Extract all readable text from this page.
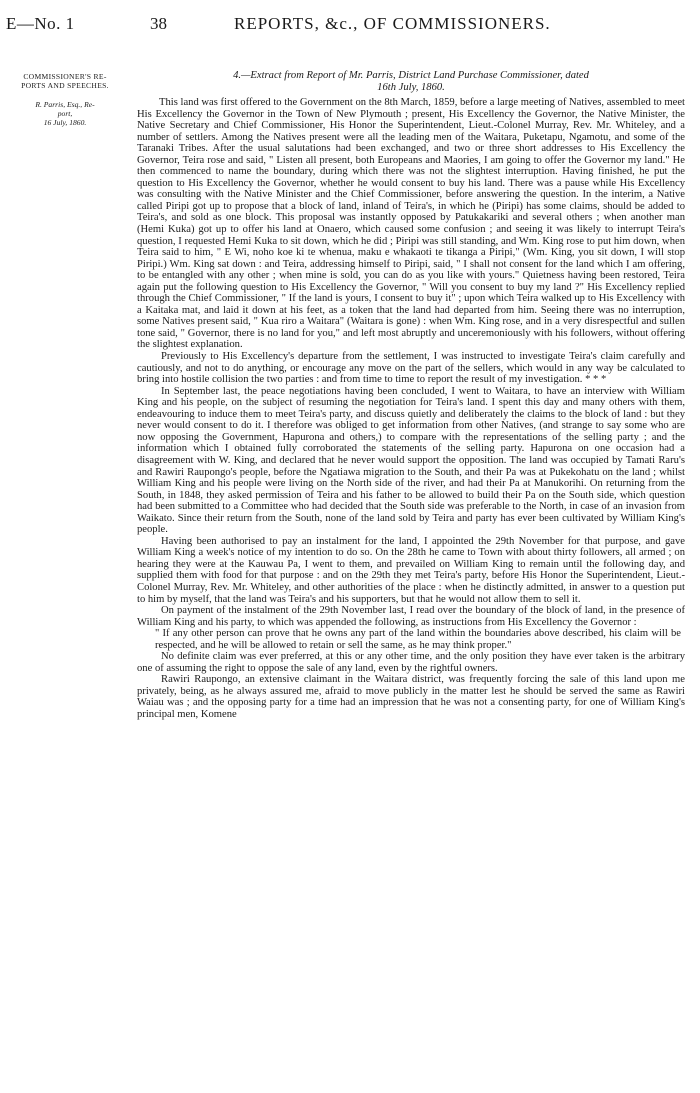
E—No. 1	38	REPORTS, &c., OF COMMISSIONERS.
COMMISSIONER'S RE-
PORTS AND SPEECHES.
R. Parris, Esq., Re-
port,
16 July, 1860.
4.—Extract from Report of Mr. Parris, District Land Purchase Commissioner, dated
16th July, 1860.

This land was first offered to the Government on the 8th March, 1859, before a large meeting of Natives, assembled to meet His Excellency the Governor in the Town of New Plymouth ; present, His Excellency the Governor, the Native Minister, the Native Secretary and Chief Commissioner, His Honor the Superintendent, Lieut.-Colonel Murray, Rev. Mr. Whiteley, and a number of settlers. Among the Natives present were all the leading men of the Waitara, Puketapu, Ngamotu, and some of the Taranaki Tribes. After the usual salutations had been exchanged, and two or three short addresses to His Excellency the Governor, Teira rose and said, " Listen all present, both Europeans and Maories, I am going to offer the Governor my land." He then commenced to name the boundary, during which there was not the slightest interruption. Having finished, he put the question to His Excellency the Governor, whether he would consent to buy his land. There was a pause while His Excellency was consulting with the Native Minister and the Chief Commissioner, before answering the question. In the interim, a Native called Piripi got up to propose that a block of land, inland of Teira's, in which he (Piripi) has some claims, should be added to Teira's, and sold as one block. This proposal was instantly opposed by Patukakariki and several others ; when another man (Hemi Kuka) got up to offer his land at Onaero, which caused some confusion ; and seeing it was likely to interrupt Teira's question, I requested Hemi Kuka to sit down, which he did ; Piripi was still standing, and Wm. King rose to put him down, when Teira said to him, " E Wi, noho koe ki te whenua, maku e whakaoti te tikanga a Piripi," (Wm. King, you sit down, I will stop Piripi.) Wm. King sat down : and Teira, addressing himself to Piripi, said, " I shall not consent for the land which I am offering, to be entangled with any other ; when mine is sold, you can do as you like with yours." Quietness having been restored, Teira again put the following question to His Excellency the Governor, " Will you consent to buy my land ?" His Excellency replied through the Chief Commissioner, " If the land is yours, I consent to buy it" ; upon which Teira walked up to His Excellency with a Kaitaka mat, and laid it down at his feet, as a token that the land had departed from him. Seeing there was no interruption, some Natives present said, " Kua riro a Waitara" (Waitara is gone) : when Wm. King rose, and in a very disrespectful and sullen tone said, " Governor, there is no land for you," and left most abruptly and unceremoniously with his followers, without offering the slightest explanation.

Previously to His Excellency's departure from the settlement, I was instructed to investigate Teira's claim carefully and cautiously, and not to do anything, or encourage any move on the part of the sellers, which would in any way be calculated to bring into hostile collision the two parties : and from time to time to report the result of my investigation. * * *

In September last, the peace negotiations having been concluded, I went to Waitara, to have an interview with William King and his people, on the subject of resuming the negotiation for Teira's land. I spent this day and many others with them, endeavouring to induce them to meet Teira's party, and discuss quietly and deliberately the claims to the block of land : but they never would consent to do it. I therefore was obliged to get information from other Natives, (and strange to say some who are now opposing the Government, Hapurona and others,) to compare with the representations of the selling party ; and the information which I obtained fully corroborated the statements of the selling party. Hapurona on one occasion had a disagreement with W. King, and declared that he never would support the opposition. The land was occupied by Tamati Raru's and Rawiri Raupongo's people, before the Ngatiawa migration to the South, and their Pa was at Pukekohatu on the land ; whilst William King and his people were living on the North side of the river, and had their Pa at Manukorihi. On returning from the South, in 1848, they asked permission of Teira and his father to be allowed to build their Pa on the South side, which question had been submitted to a Committee who had decided that the South side was preferable to the North, in case of an invasion from Waikato. Since their return from the South, none of the land sold by Teira and party has ever been cultivated by William King's people.

Having been authorised to pay an instalment for the land, I appointed the 29th November for that purpose, and gave William King a week's notice of my intention to do so. On the 28th he came to Town with about thirty followers, all armed ; on hearing they were at the Kauwau Pa, I went to them, and prevailed on William King to remain until the following day, and supplied them with food for that purpose : and on the 29th they met Teira's party, before His Honor the Superintendent, Lieut.-Colonel Murray, Rev. Mr. Whiteley, and other authorities of the place : when he distinctly admitted, in answer to a question put to him by myself, that the land was Teira's and his supporters, but that he would not allow them to sell it.

On payment of the instalment of the 29th November last, I read over the boundary of the block of land, in the presence of William King and his party, to which was appended the following, as instructions from His Excellency the Governor :

" If any other person can prove that he owns any part of the land within the boundaries above described, his claim will be respected, and he will be allowed to retain or sell the same, as he may think proper."

No definite claim was ever preferred, at this or any other time, and the only position they have ever taken is the arbitrary one of assuming the right to oppose the sale of any land, even by the rightful owners.

Rawiri Raupongo, an extensive claimant in the Waitara district, was frequently forcing the sale of this land upon me privately, being, as he always assured me, afraid to move publicly in the matter lest he should be served the same as Rawiri Waiau was ; and the opposing party for a time had an impression that he was not a consenting party, for one of William King's principal men, Komene
